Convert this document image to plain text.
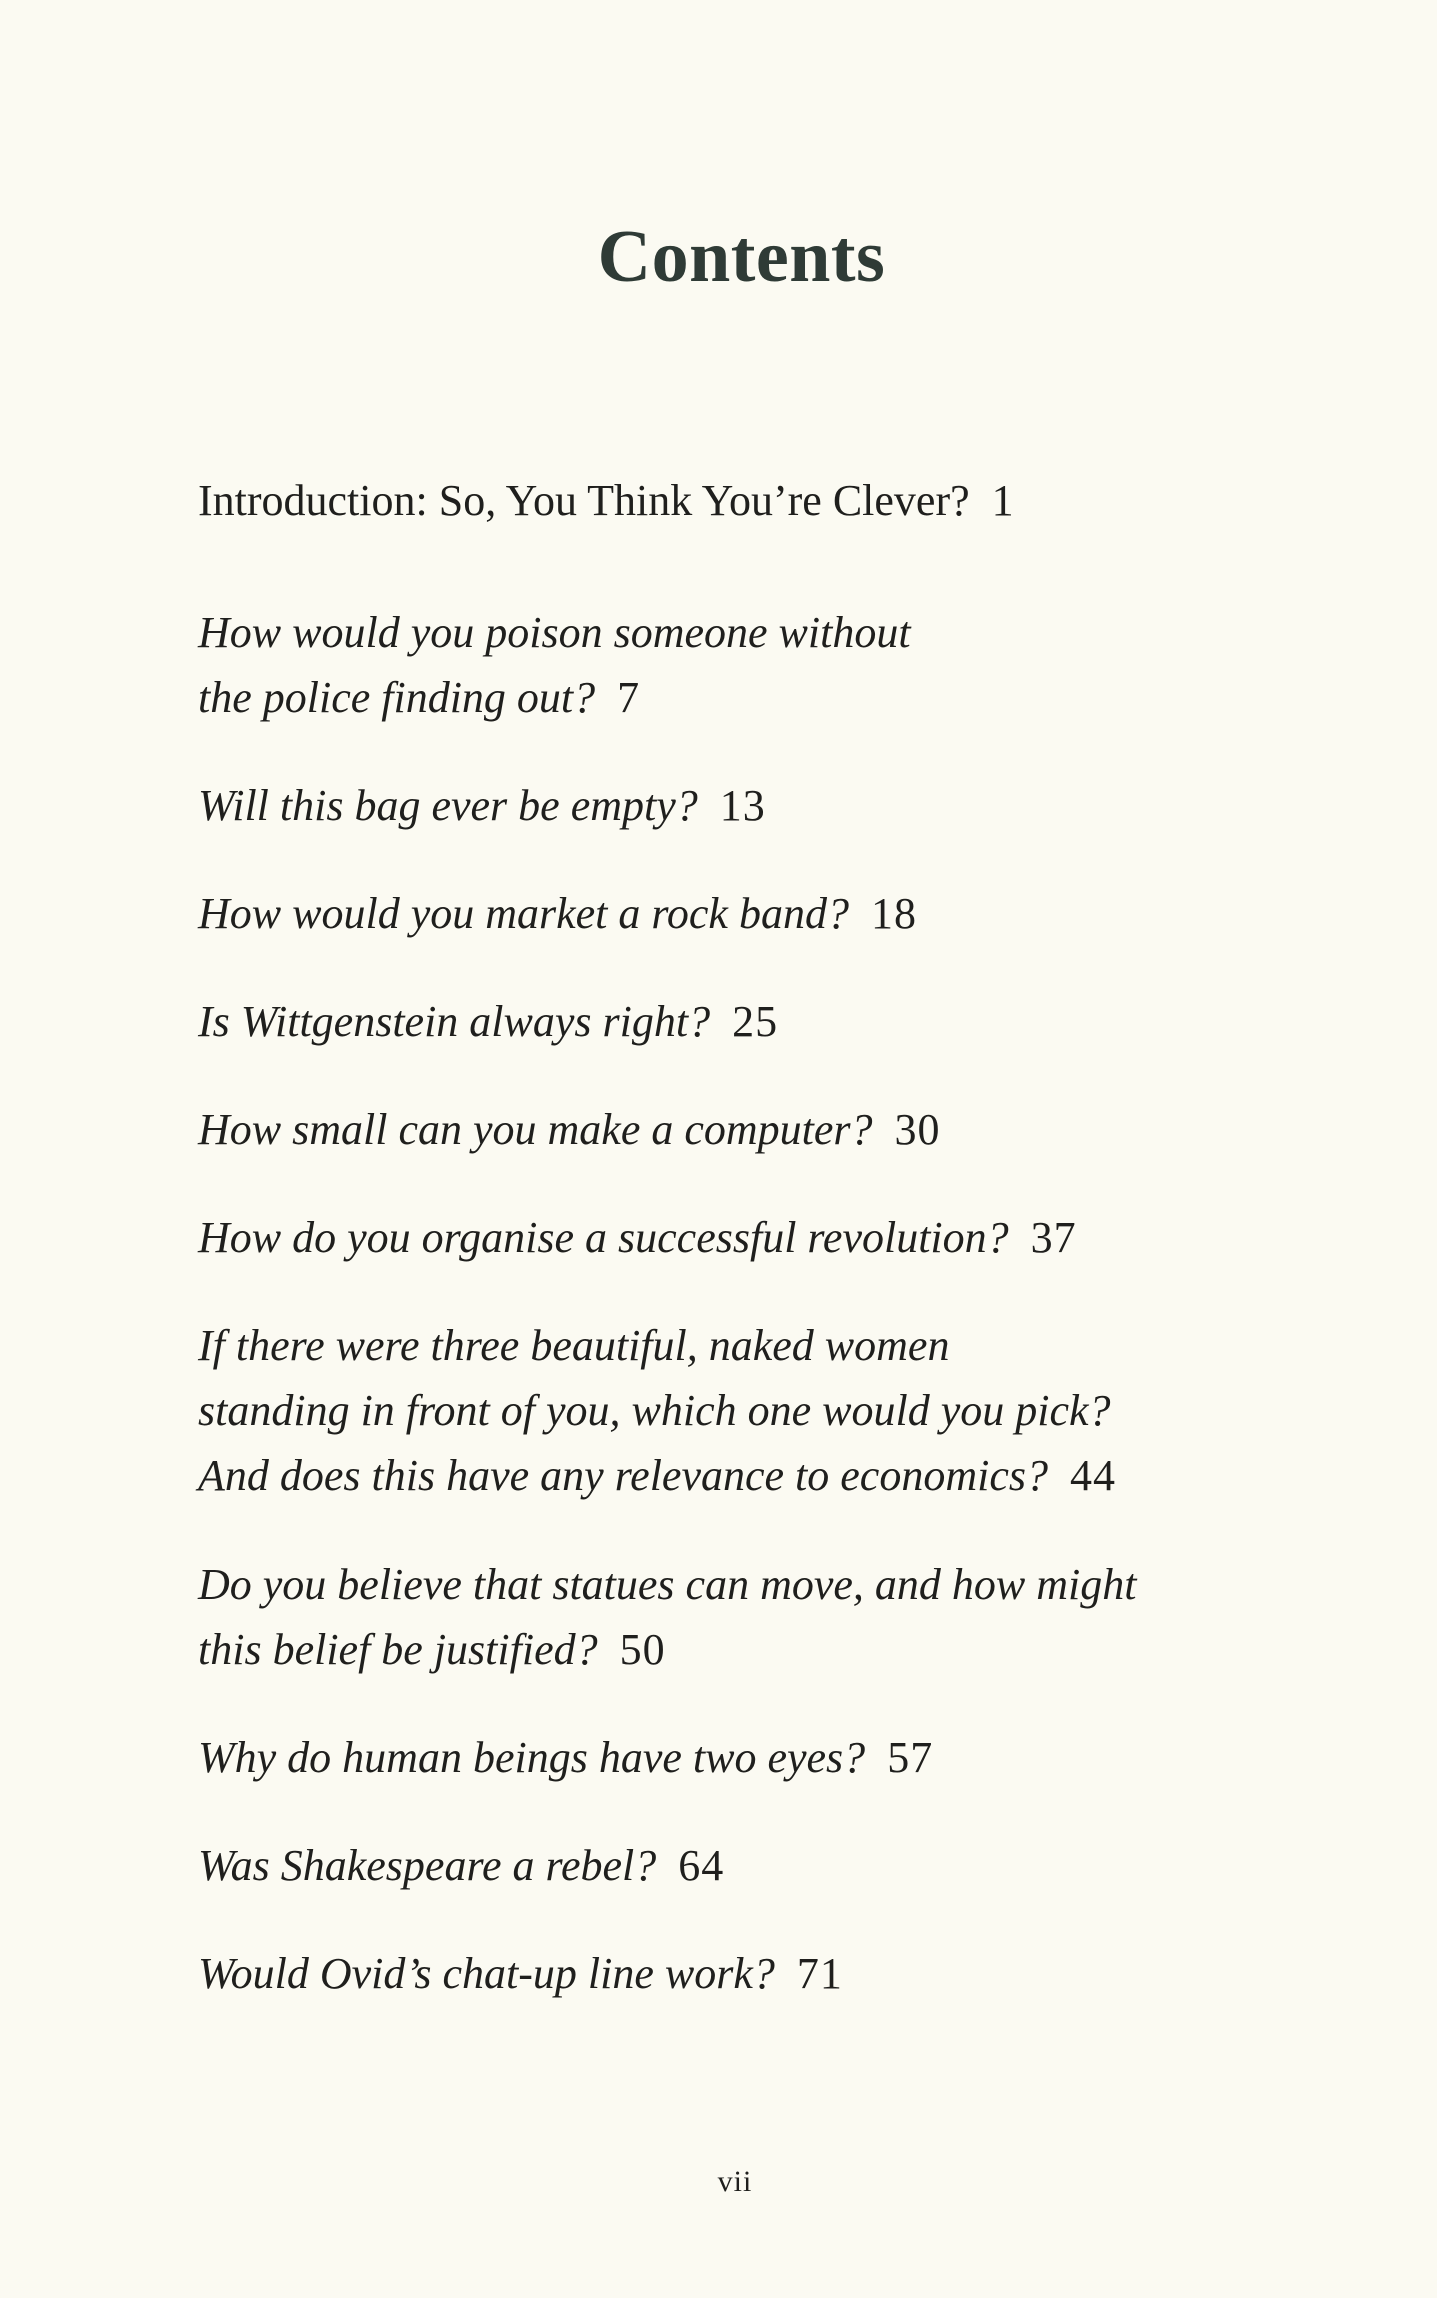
Contents
Introduction: So, You Think You’re Clever? 1
How would you poison someone without
the police finding out? 7
Will this bag ever be empty? 13
How would you market a rock band? 18
Is Wittgenstein always right? 25
How small can you make a computer? 30
How do you organise a successful revolution? 37
If there were three beautiful, naked women
standing in front of you, which one would you pick?
And does this have any relevance to economics? 44
Do you believe that statues can move, and how might
this belief be justified? 50
Why do human beings have two eyes? 57
Was Shakespeare a rebel? 64
Would Ovid’s chat-up line work? 71
vii
